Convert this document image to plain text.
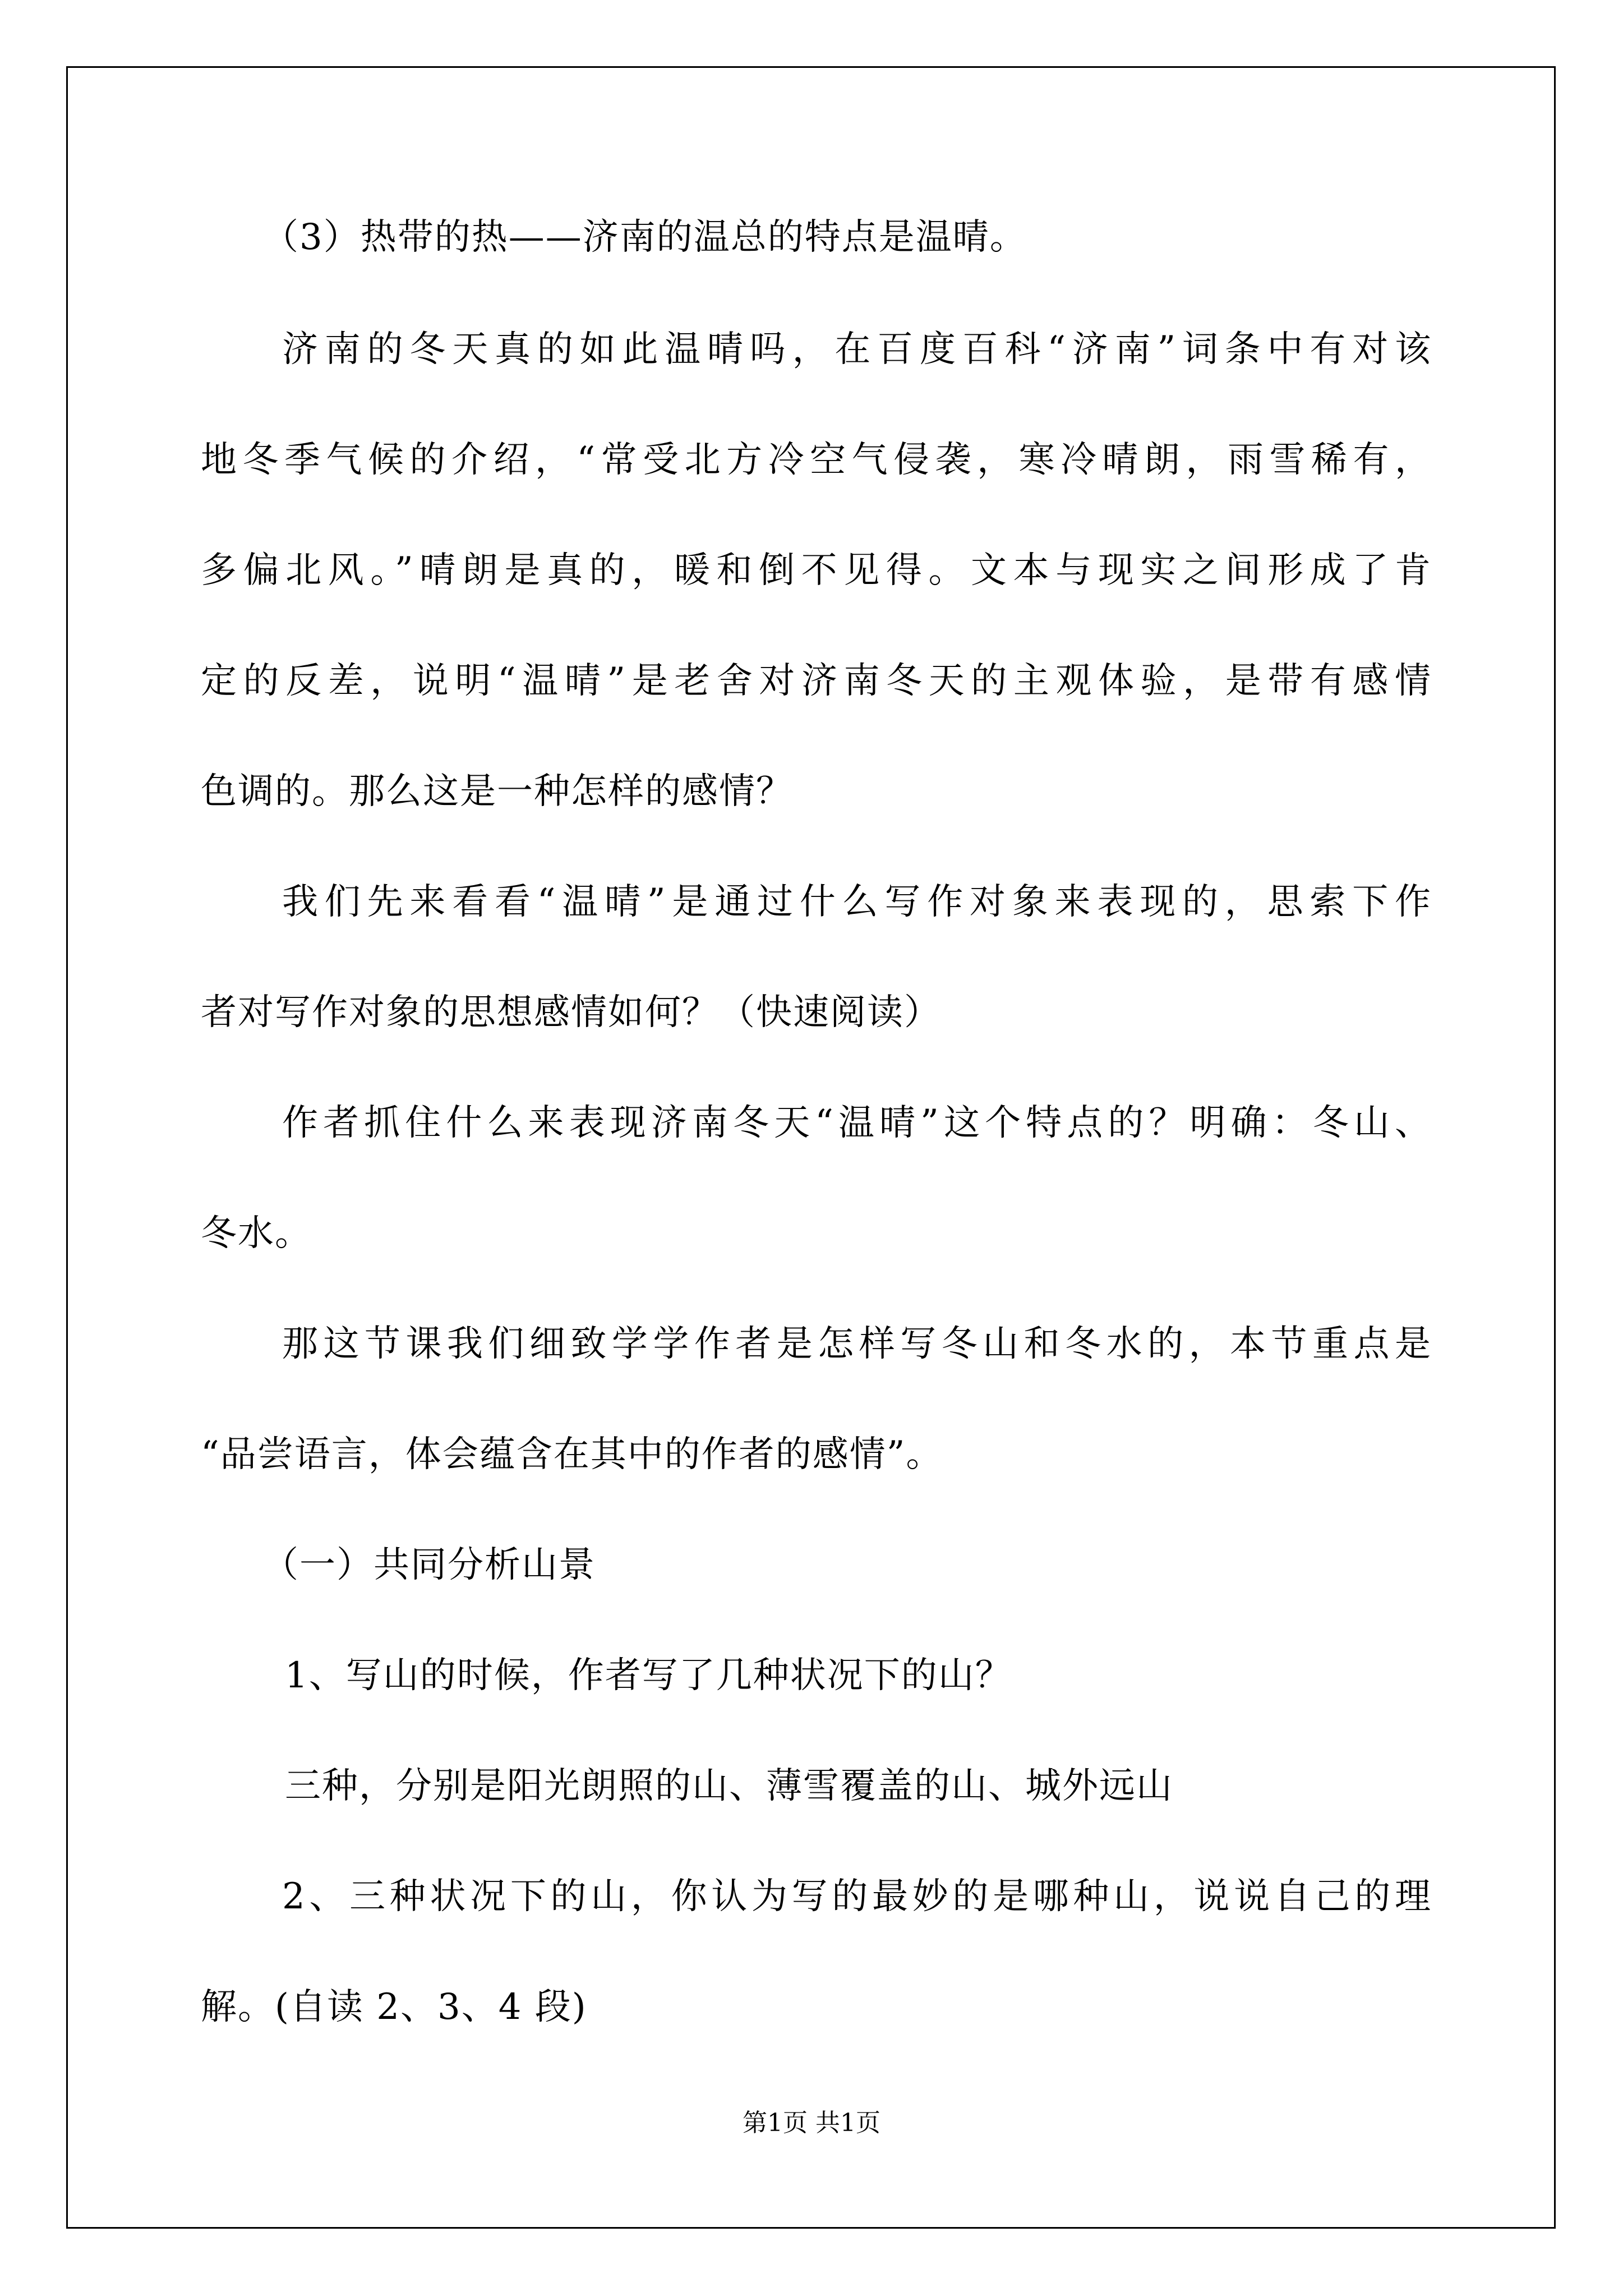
（3）热带的热——济南的温总的特点是温晴。
济南的冬天真的如此温晴吗，在百度百科“济南”词条中有对该
地冬季气候的介绍，“常受北方冷空气侵袭，寒冷晴朗，雨雪稀有，
多偏北风。”晴朗是真的，暖和倒不见得。文本与现实之间形成了肯
定的反差，说明“温晴”是老舍对济南冬天的主观体验，是带有感情
色调的。那么这是一种怎样的感情？
我们先来看看“温晴”是通过什么写作对象来表现的，思索下作
者对写作对象的思想感情如何？（快速阅读）
作者抓住什么来表现济南冬天“温晴”这个特点的？明确：冬山、
冬水。
那这节课我们细致学学作者是怎样写冬山和冬水的，本节重点是
“品尝语言，体会蕴含在其中的作者的感情”。
（一）共同分析山景
1、写山的时候，作者写了几种状况下的山？
三种，分别是阳光朗照的山、薄雪覆盖的山、城外远山
2、三种状况下的山，你认为写的最妙的是哪种山，说说自己的理
解。(自读 2、3、4 段)
第1页 共1页
